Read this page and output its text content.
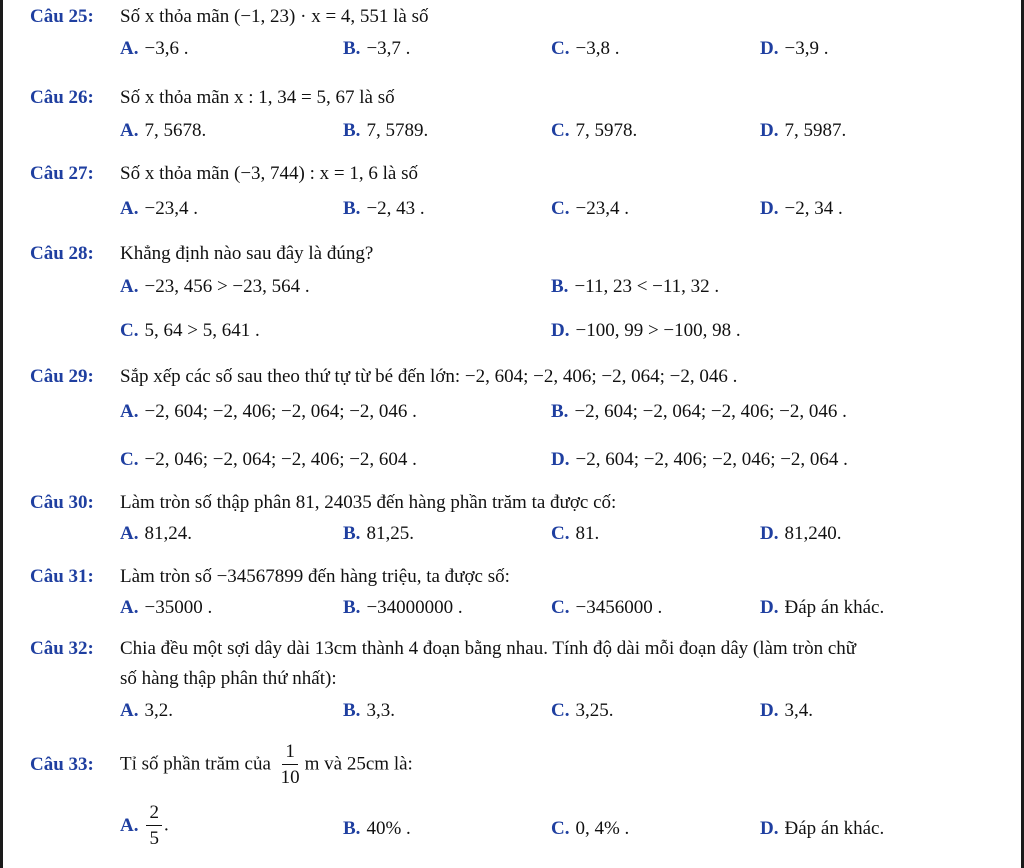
Câu 25: Số x thỏa mãn (−1, 23) · x = 4, 551 là số
A. −3,6 .	B. −3,7 .	C. −3,8 .	D. −3,9 .
Câu 26: Số x thỏa mãn x : 1, 34 = 5, 67 là số
A. 7, 5678.	B. 7, 5789.	C. 7, 5978.	D. 7, 5987.
Câu 27: Số x thỏa mãn (−3, 744) : x = 1, 6 là số
A. −23,4 .	B. −2, 43 .	C. −23,4 .	D. −2, 34 .
Câu 28: Khẳng định nào sau đây là đúng?
A. −23, 456 > −23, 564 .	B. −11, 23 < −11, 32 .
C. 5, 64 > 5, 641 .	D. −100, 99 > −100, 98 .
Câu 29: Sắp xếp các số sau theo thứ tự từ bé đến lớn: −2, 604; −2, 406; −2, 064; −2, 046 .
A. −2, 604; −2, 406; −2, 064; −2, 046 .	B. −2, 604; −2, 064; −2, 406; −2, 046 .
C. −2, 046; −2, 064; −2, 406; −2, 604 .	D. −2, 604; −2, 406; −2, 046; −2, 064 .
Câu 30: Làm tròn số thập phân 81, 24035 đến hàng phần trăm ta được cố:
A. 81,24.	B. 81,25.	C. 81.	D. 81,240.
Câu 31: Làm tròn số −34567899 đến hàng triệu, ta được số:
A. −35000 .	B. −34000000 .	C. −3456000 .	D. Đáp án khác.
Câu 32: Chia đều một sợi dây dài 13cm thành 4 đoạn bằng nhau. Tính độ dài mỗi đoạn dây (làm tròn chữ
số hàng thập phân thứ nhất):
A. 3,2.	B. 3,3.	C. 3,25.	D. 3,4.
Câu 33: Tỉ số phần trăm của $\frac{1}{10}$ m và 25cm là:
A. $\frac{2}{5}$ .	B. 40% .	C. 0, 4% .	D. Đáp án khác.
